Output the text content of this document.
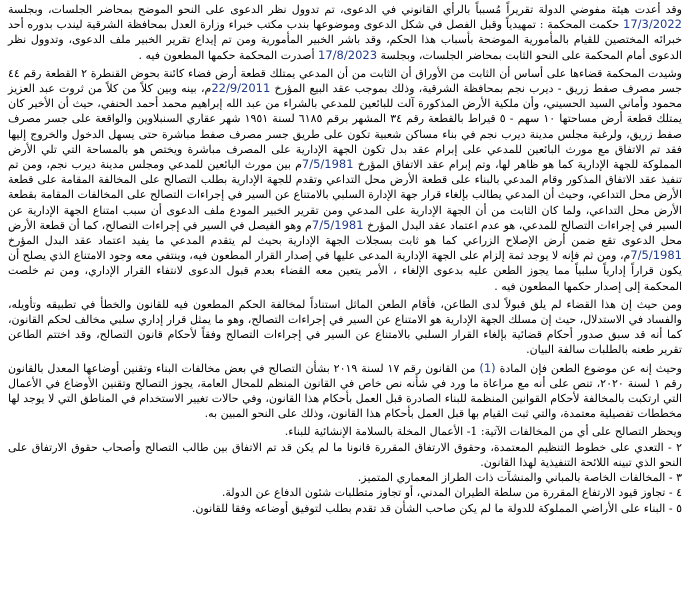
وقد أعدت هيئة مفوضي الدولة تقريراً مُسبباً بالرأي القانوني في الدعوى، تم تدوول نظر الدعوى على النحو الموضح بمحاضر الجلسات، وبجلسة 17/3/2022 حكمت المحكمة : تمهيدياً وقبل الفصل في شكل الدعوى وموضوعها بندب مكتب خبراء وزارة العدل بمحافظة الشرقية ليندب بدوره أحد خبرائه المختصين للقيام بالمأمورية الموضحة بأسباب هذا الحكم، وقد باشر الخبير المأمورية ومن تم إيداع تقرير الخبير ملف الدعوى، وتدوول نظر الدعوى أمام المحكمة على النحو الثابت بمحاضر الجلسات، وبجلسة 17/8/2023 أصدرت المحكمة حكمها المطعون فيه .

وشيدت المحكمة قضاءها على أساس أن الثابت من الأوراق أن الثابت من أن المدعي يمتلك قطعة أرض فضاء كائنة بحوض القنطرة ٢ القطعة رقم ٤٤ جسر مصرف صفط زريق - ديرب نجم بمحافظة الشرقية، وذلك بموجب عقد البيع المؤرخ 22/9/2011م، بينه وبين كلاً من كلاً من ثروت عبد العزيز محمود وأماني السيد الحسيني، وأن ملكية الأرض المذكورة آلت للبائعين للمدعي بالشراء من عبد الله إبراهيم محمد أحمد الحنفي، حيث أن الأخير كان يمتلك قطعة أرض مساحتها ١٠ سهم - ٥ قيراط بالقطعة رقم ٣٤ المشهر برقم ٦١٨٥ لسنة ١٩٥١ شهر عقاري السنبلاوين والواقعة على جسر مصرف صفط زريق، ولرغبة مجلس مدينة ديرب نجم في بناء مساكن شعبية تكون على طريق جسر مصرف صفط مباشرة حتى يسهل الدخول والخروج إليها فقد تم الاتفاق مع مورث البائعين للمدعي على إبرام عقد بدل تكون الجهة الإدارية على المصرف مباشرة ويختص هو بالمساحة التي تلي الأرض المملوكة للجهة الإدارية كما هو ظاهر لها، وتم إبرام عقد الاتفاق المؤرخ 7/5/1981م بين مورث البائعين للمدعي ومجلس مدينة ديرب نجم، ومن تم تنفيذ عقد الاتفاق المذكور وقام المدعي بالبناء على قطعة الأرض محل التداعي وتقدم للجهة الإدارية بطلب التصالح على المخالفة المقامة على قطعة الأرض محل التداعي، وحيث أن المدعي يطالب بإلغاء قرار جهة الإدارة السلبي بالامتناع عن السير في إجراءات التصالح على المخالفات المقامة بقطعة الأرض محل التداعي، ولما كان الثابت من أن الجهة الإدارية على المدعي ومن تقرير الخبير المودع ملف الدعوى أن سبب امتناع الجهة الإدارية عن السير في إجراءات التصالح للمدعي، هو عدم اعتماد عقد البدل المؤرخ 7/5/1981م وهو الفيصل في السير في إجراءات التصالح، كما أن قطعة الأرض محل الدعوى تقع ضمن أرض الإصلاح الزراعي كما هو ثابت بسجلات الجهة الإدارية بحيث لم يتقدم المدعي ما يفيد اعتماد عقد البدل المؤرخ 7/5/1981م، ومن ثم فإنه لا يوجد ثمة إلزام على الجهة الإدارية المدعى عليها في إصدار القرار المطعون فيه، وينتفي معه وجود الامتناع الذي يصلح أن يكون قراراً إدارياً سلبياً مما يجوز الطعن عليه بدعوى الإلغاء ، الأمر يتعين معه القضاء بعدم قبول الدعوى لانتفاء القرار الإداري، ومن تم خلصت المحكمة إلى إصدار حكمها المطعون فيه .

ومن حيث إن هذا القضاء لم يلق قبولاً لدى الطاعن، فأقام الطعن الماثل استناداً لمخالفة الحكم المطعون فيه للقانون والخطأ في تطبيقه وتأويله، والفساد في الاستدلال، حيث إن مسلك الجهة الإدارية هو الامتناع عن السير في إجراءات التصالح، وهو ما يمثل قرار إداري سلبي مخالف لحكم القانون، كما أنه قد سبق صدور أحكام قضائية بإلغاء القرار السلبي بالامتناع عن السير في إجراءات التصالح وفقاً لأحكام قانون التصالح، وقد اختتم الطاعن تقرير طعنه بالطلبات سالفة البيان.

وحيث إنه عن موضوع الطعن فإن المادة (1) من القانون رقم ١٧ لسنة ٢٠١٩ بشأن التصالح في بعض مخالفات البناء وتقنين أوضاعها المعدل بالقانون رقم ١ لسنة ٢٠٢٠، تنص على أنه مع مراعاة ما ورد في شأنه نص خاص في القانون المنظم للمحال العامة، يجوز التصالح وتقنين الأوضاع في الأعمال التي ارتكبت بالمخالفة لأحكام القوانين المنظمة للبناء الصادرة قبل العمل بأحكام هذا القانون، وفي حالات تغيير الاستخدام في المناطق التي لا يوجد لها مخططات تفصيلية معتمدة، والتي ثبت القيام بها قبل العمل بأحكام هذا القانون، وذلك على النحو المبين به.

ويحظر التصالح على أي من المخالفات الآتية: 1- الأعمال المخلة بالسلامة الإنشائية للبناء.

٢ - التعدي على خطوط التنظيم المعتمدة، وحقوق الارتفاق المقررة قانونا ما لم يكن قد تم الاتفاق بين طالب التصالح وأصحاب حقوق الارتفاق على النحو الذي تبينه اللائحة التنفيذية لهذا القانون.

٣ - المخالفات الخاصة بالمباني والمنشآت ذات الطراز المعماري المتميز.

٤ - تجاوز قيود الارتفاع المقررة من سلطة الطيران المدني، أو تجاوز متطلبات شئون الدفاع عن الدولة.

٥ - البناء على الأراضي المملوكة للدولة ما لم يكن صاحب الشأن قد تقدم بطلب لتوفيق أوضاعه وفقا للقانون.
